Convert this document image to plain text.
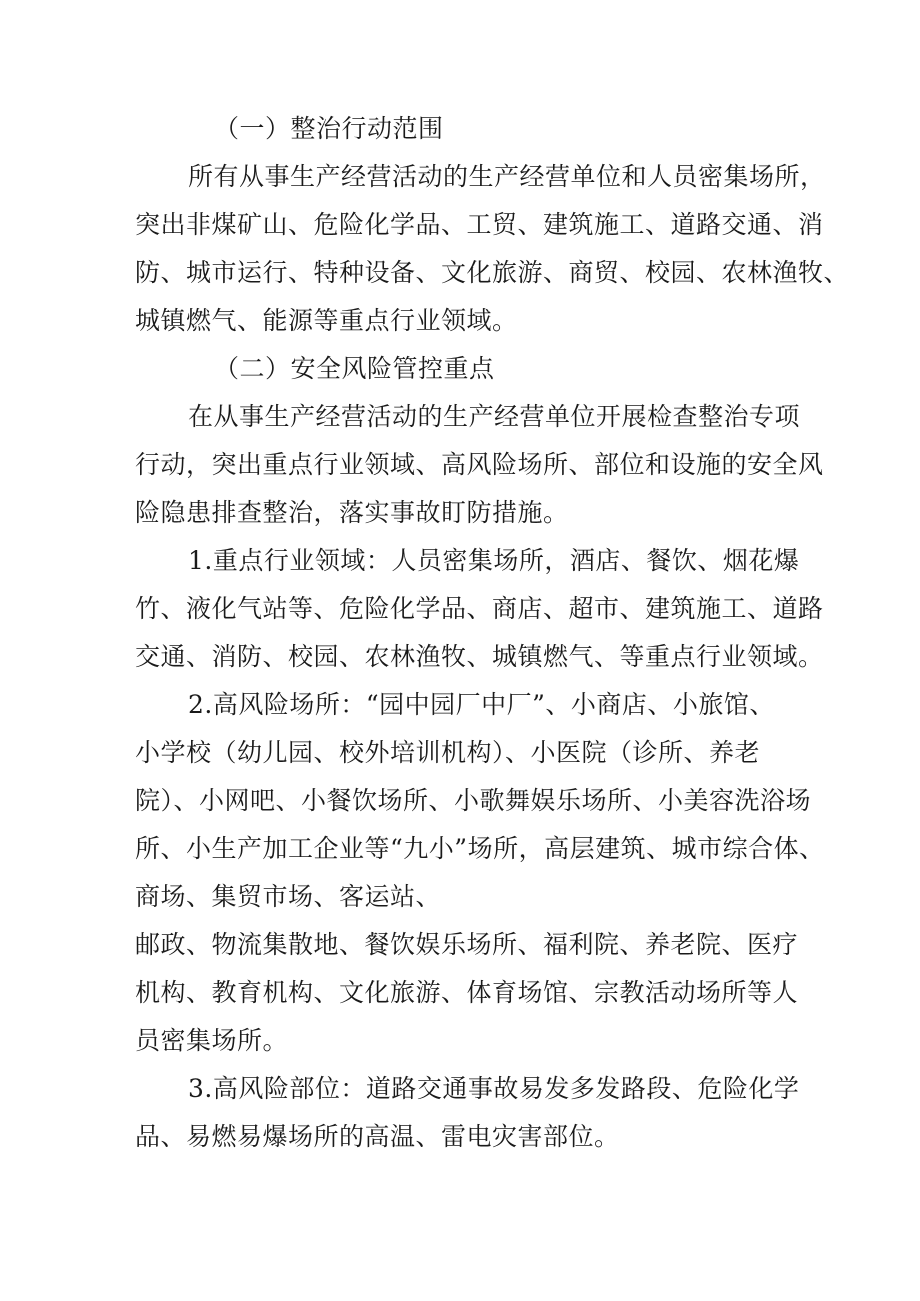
（一）整治行动范围
所有从事生产经营活动的生产经营单位和人员密集场所，
突出非煤矿山、危险化学品、工贸、建筑施工、道路交通、消
防、城市运行、特种设备、文化旅游、商贸、校园、农林渔牧、
城镇燃气、能源等重点行业领域。
（二）安全风险管控重点
在从事生产经营活动的生产经营单位开展检查整治专项
行动，突出重点行业领域、高风险场所、部位和设施的安全风
险隐患排查整治，落实事故盯防措施。
1.重点行业领域：人员密集场所，酒店、餐饮、烟花爆
竹、液化气站等、危险化学品、商店、超市、建筑施工、道路
交通、消防、校园、农林渔牧、城镇燃气、等重点行业领域。
2.高风险场所：“园中园厂中厂”、小商店、小旅馆、
小学校（幼儿园、校外培训机构）、小医院（诊所、养老
院）、小网吧、小餐饮场所、小歌舞娱乐场所、小美容洗浴场
所、小生产加工企业等“九小”场所，高层建筑、城市综合体、
商场、集贸市场、客运站、
邮政、物流集散地、餐饮娱乐场所、福利院、养老院、医疗
机构、教育机构、文化旅游、体育场馆、宗教活动场所等人
员密集场所。
3.高风险部位：道路交通事故易发多发路段、危险化学
品、易燃易爆场所的高温、雷电灾害部位。
